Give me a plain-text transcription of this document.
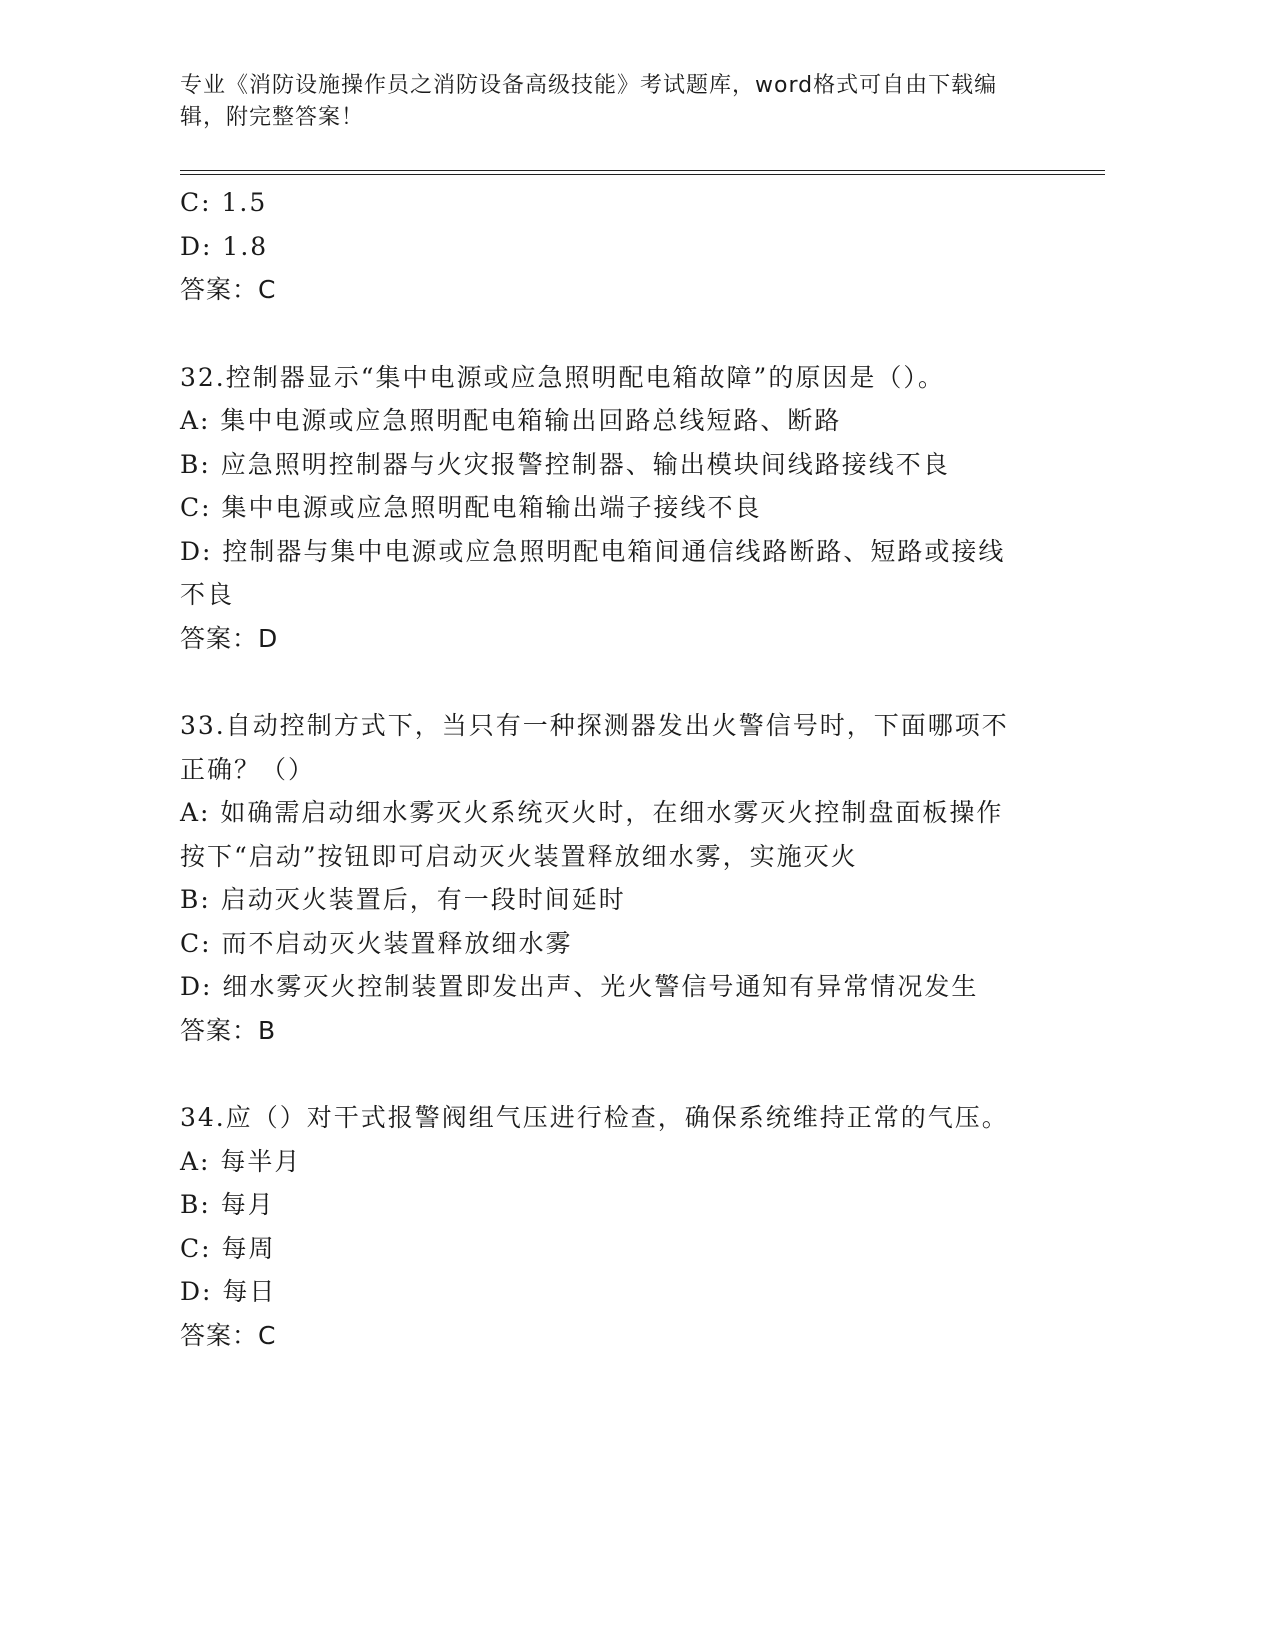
专业《消防设施操作员之消防设备高级技能》考试题库，word格式可自由下载编
辑，附完整答案！
C: 1.5
D: 1.8
答案：C
32.控制器显示“集中电源或应急照明配电箱故障”的原因是（）。
A: 集中电源或应急照明配电箱输出回路总线短路、断路
B: 应急照明控制器与火灾报警控制器、输出模块间线路接线不良
C: 集中电源或应急照明配电箱输出端子接线不良
D: 控制器与集中电源或应急照明配电箱间通信线路断路、短路或接线
不良
答案：D
33.自动控制方式下，当只有一种探测器发出火警信号时，下面哪项不
正确？（）
A: 如确需启动细水雾灭火系统灭火时，在细水雾灭火控制盘面板操作
按下“启动”按钮即可启动灭火装置释放细水雾，实施灭火
B: 启动灭火装置后，有一段时间延时
C: 而不启动灭火装置释放细水雾
D: 细水雾灭火控制装置即发出声、光火警信号通知有异常情况发生
答案：B
34.应（）对干式报警阀组气压进行检查，确保系统维持正常的气压。
A: 每半月
B: 每月
C: 每周
D: 每日
答案：C
